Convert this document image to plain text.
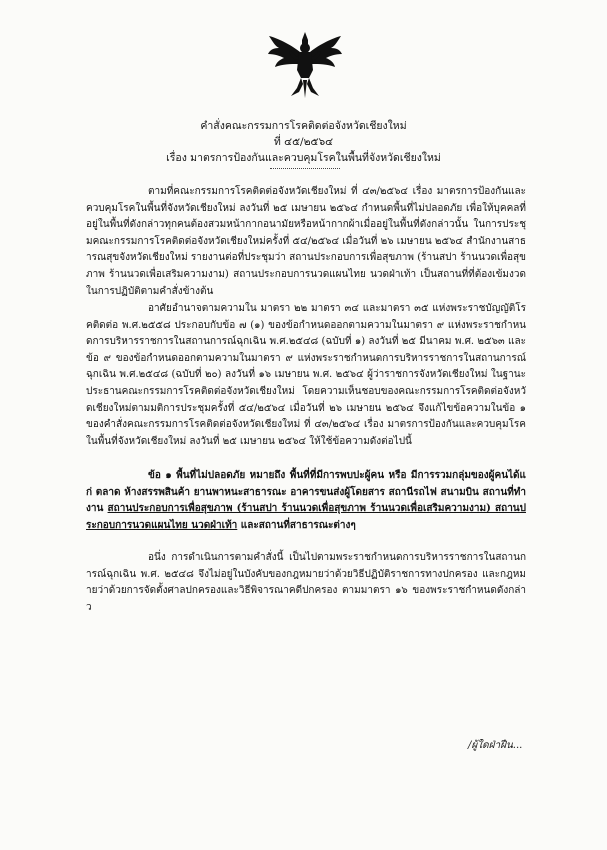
คำสั่งคณะกรรมการโรคติดต่อจังหวัดเชียงใหม่
ที่ ๔๕/๒๕๖๔
เรื่อง มาตรการป้องกันและควบคุมโรคในพื้นที่จังหวัดเชียงใหม่
ตามที่คณะกรรมการโรคติดต่อจังหวัดเชียงใหม่ ที่ ๔๓/๒๕๖๔ เรื่อง มาตรการป้องกันและควบคุมโรคในพื้นที่จังหวัดเชียงใหม่ ลงวันที่ ๒๕ เมษายน ๒๕๖๔ กำหนดพื้นที่ไม่ปลอดภัย เพื่อให้บุคคลที่อยู่ในพื้นที่ดังกล่าวทุกคนต้องสวมหน้ากากอนามัยหรือหน้ากากผ้าเมื่ออยู่ในพื้นที่ดังกล่าวนั้น ในการประชุมคณะกรรมการโรคติดต่อจังหวัดเชียงใหม่ครั้งที่ ๕๔/๒๕๖๔ เมื่อวันที่ ๒๖ เมษายน ๒๕๖๔ สำนักงานสาธารณสุขจังหวัดเชียงใหม่ รายงานต่อที่ประชุมว่า สถานประกอบการเพื่อสุขภาพ (ร้านสปา ร้านนวดเพื่อสุขภาพ ร้านนวดเพื่อเสริมความงาม) สถานประกอบการนวดแผนไทย นวดฝ่าเท้า เป็นสถานที่ที่ต้องเข้มงวดในการปฏิบัติตามคำสั่งข้างต้น
อาศัยอำนาจตามความใน มาตรา ๒๒ มาตรา ๓๔ และมาตรา ๓๕ แห่งพระราชบัญญัติโรคติดต่อ พ.ศ.๒๕๕๘ ประกอบกับข้อ ๗ (๑) ของข้อกำหนดออกตามความในมาตรา ๙ แห่งพระราชกำหนดการบริหารราชการในสถานการณ์ฉุกเฉิน พ.ศ.๒๕๔๘ (ฉบับที่ ๑) ลงวันที่ ๒๕ มีนาคม พ.ศ. ๒๕๖๓ และ ข้อ ๙ ของข้อกำหนดออกตามความในมาตรา ๙ แห่งพระราชกำหนดการบริหารราชการในสถานการณ์ฉุกเฉิน พ.ศ.๒๕๔๘ (ฉบับที่ ๒๐) ลงวันที่ ๑๖ เมษายน พ.ศ. ๒๕๖๔ ผู้ว่าราชการจังหวัดเชียงใหม่ ในฐานะประธานคณะกรรมการโรคติดต่อจังหวัดเชียงใหม่ โดยความเห็นชอบของคณะกรรมการโรคติดต่อจังหวัดเชียงใหม่ตามมติการประชุมครั้งที่ ๕๔/๒๕๖๔ เมื่อวันที่ ๒๖ เมษายน ๒๕๖๔ จึงแก้ไขข้อความในข้อ ๑ ของคำสั่งคณะกรรมการโรคติดต่อจังหวัดเชียงใหม่ ที่ ๔๓/๒๕๖๔ เรื่อง มาตรการป้องกันและควบคุมโรคในพื้นที่จังหวัดเชียงใหม่ ลงวันที่ ๒๕ เมษายน ๒๕๖๔ ให้ใช้ข้อความดังต่อไปนี้
ข้อ ๑ พื้นที่ไม่ปลอดภัย หมายถึง พื้นที่ที่มีการพบปะผู้คน หรือ มีการรวมกลุ่มของผู้คนได้แก่ ตลาด ห้างสรรพสินค้า ยานพาหนะสาธารณะ อาคารขนส่งผู้โดยสาร สถานีรถไฟ สนามบิน สถานที่ทำงาน สถานประกอบการเพื่อสุขภาพ (ร้านสปา ร้านนวดเพื่อสุขภาพ ร้านนวดเพื่อเสริมความงาม) สถานประกอบการนวดแผนไทย นวดฝ่าเท้า และสถานที่สาธารณะต่างๆ
อนึ่ง การดำเนินการตามคำสั่งนี้ เป็นไปตามพระราชกำหนดการบริหารราชการในสถานการณ์ฉุกเฉิน พ.ศ. ๒๕๔๘ จึงไม่อยู่ในบังคับของกฎหมายว่าด้วยวิธีปฏิบัติราชการทางปกครอง และกฎหมายว่าด้วยการจัดตั้งศาลปกครองและวิธีพิจารณาคดีปกครอง ตามมาตรา ๑๖ ของพระราชกำหนดดังกล่าว
/ผู้ใดฝ่าฝืน...
